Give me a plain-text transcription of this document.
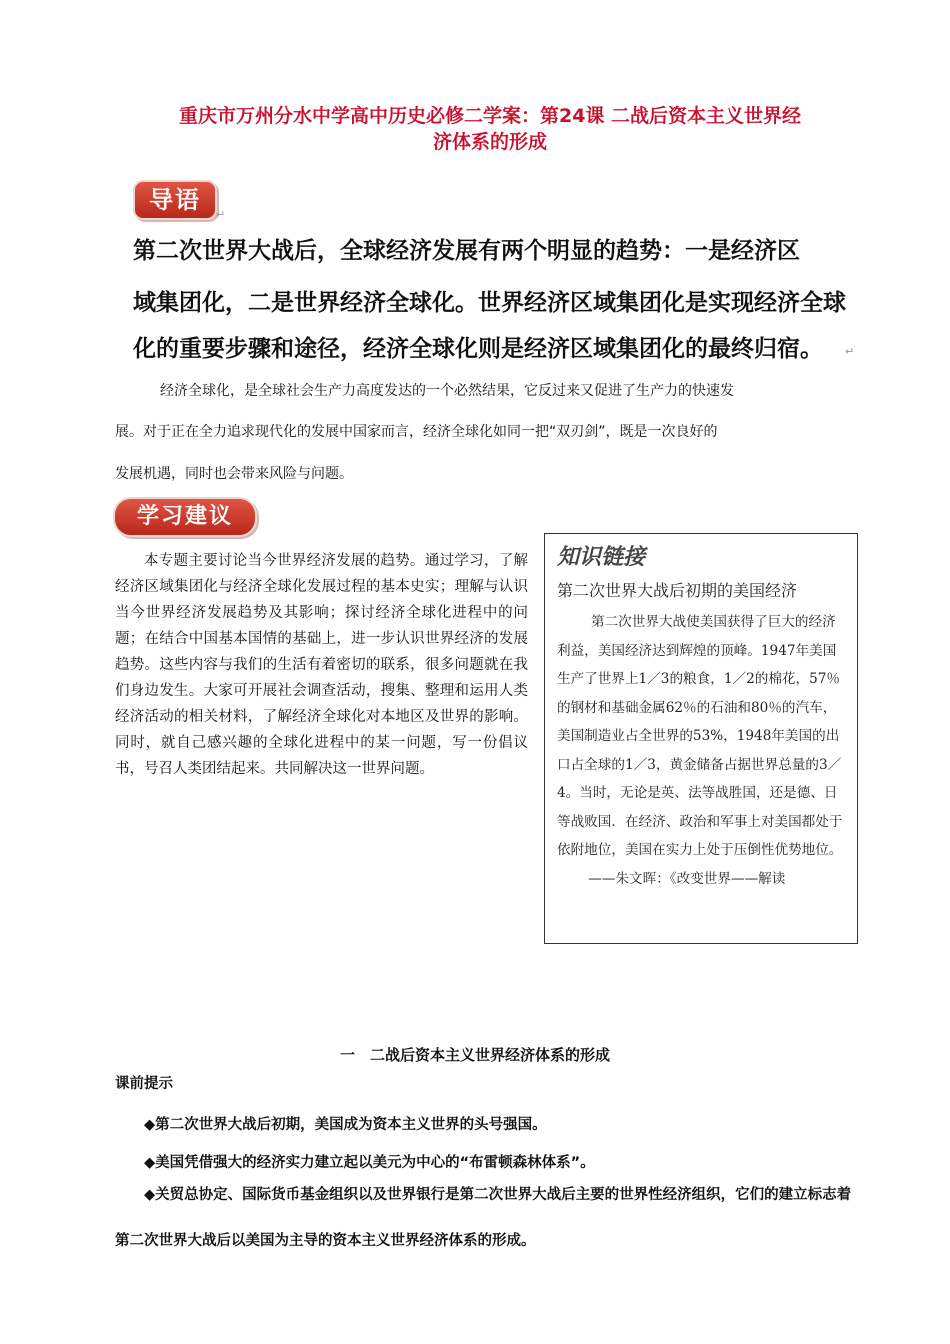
重庆市万州分水中学高中历史必修二学案：第24课 二战后资本主义世界经
济体系的形成
导语
↵
第二次世界大战后，全球经济发展有两个明显的趋势：一是经济区
域集团化，二是世界经济全球化。世界经济区域集团化是实现经济全球
化的重要步骤和途径，经济全球化则是经济区域集团化的最终归宿。	↵
经济全球化，是全球社会生产力高度发达的一个必然结果，它反过来又促进了生产力的快速发
展。对于正在全力追求现代化的发展中国家而言，经济全球化如同一把“双刃剑”，既是一次良好的
发展机遇，同时也会带来风险与问题。
学习建议

本专题主要讨论当今世界经济发展的趋势。通过学习，了解经济区域集团化与经济全球化发展过程的基本史实；理解与认识当今世界经济发展趋势及其影响；探讨经济全球化进程中的问题；在结合中国基本国情的基础上，进一步认识世界经济的发展趋势。这些内容与我们的生活有着密切的联系，很多问题就在我们身边发生。大家可开展社会调查活动，搜集、整理和运用人类经济活动的相关材料，了解经济全球化对本地区及世界的影响。同时，就自己感兴趣的全球化进程中的某一问题，写一份倡议书，号召人类团结起来。共同解决这一世界问题。

知识链接
第二次世界大战后初期的美国经济

第二次世界大战使美国获得了巨大的经济利益，美国经济达到辉煌的顶峰。1947年美国生产了世界上1／3的粮食，1／2的棉花，57％的钢材和基础金属62％的石油和80％的汽车，美国制造业占全世界的53%，1948年美国的出口占全球的1／3，黄金储备占据世界总量的3／4。当时，无论是英、法等战胜国，还是德、日等战败国．在经济、政治和军事上对美国都处于依附地位，美国在实力上处于压倒性优势地位。

——朱文晖：《改变世界——解读

一　二战后资本主义世界经济体系的形成
课前提示

◆第二次世界大战后初期，美国成为资本主义世界的头号强国。

◆美国凭借强大的经济实力建立起以美元为中心的“布雷顿森林体系”。

◆关贸总协定、国际货币基金组织以及世界银行是第二次世界大战后主要的世界性经济组织，它们的建立标志着第二次世界大战后以美国为主导的资本主义世界经济体系的形成。
